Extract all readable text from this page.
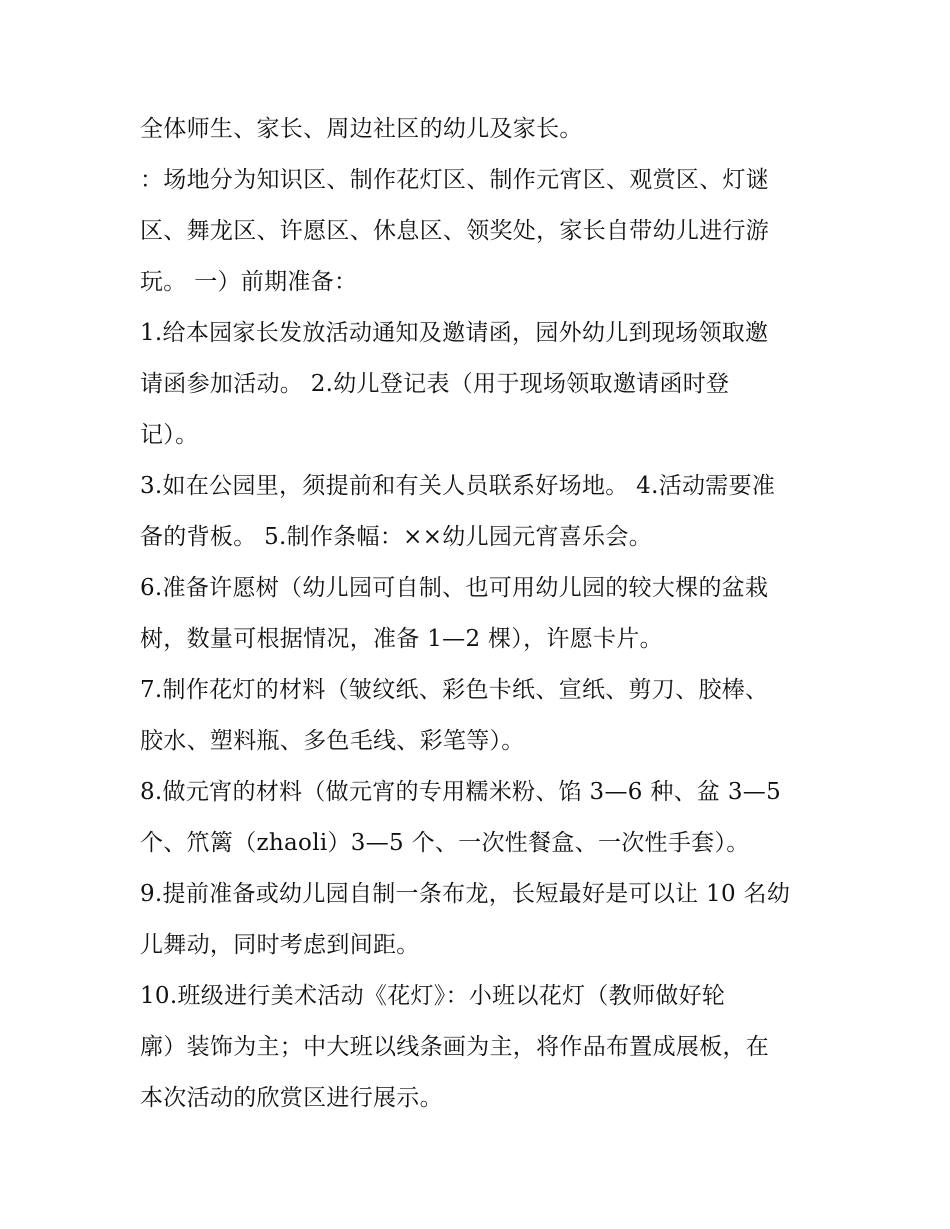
全体师生、家长、周边社区的幼儿及家长。
：场地分为知识区、制作花灯区、制作元宵区、观赏区、灯谜
区、舞龙区、许愿区、休息区、领奖处，家长自带幼儿进行游
玩。 一）前期准备：
1.给本园家长发放活动通知及邀请函，园外幼儿到现场领取邀
请函参加活动。 2.幼儿登记表（用于现场领取邀请函时登
记）。
3.如在公园里，须提前和有关人员联系好场地。 4.活动需要准
备的背板。 5.制作条幅：××幼儿园元宵喜乐会。
6.准备许愿树（幼儿园可自制、也可用幼儿园的较大棵的盆栽
树，数量可根据情况，准备 1—2 棵），许愿卡片。
7.制作花灯的材料（皱纹纸、彩色卡纸、宣纸、剪刀、胶棒、
胶水、塑料瓶、多色毛线、彩笔等）。
8.做元宵的材料（做元宵的专用糯米粉、馅 3—6 种、盆 3—5
个、笊篱（zhaoli）3—5 个、一次性餐盒、一次性手套）。
9.提前准备或幼儿园自制一条布龙，长短最好是可以让 10 名幼
儿舞动，同时考虑到间距。
10.班级进行美术活动《花灯》：小班以花灯（教师做好轮
廓）装饰为主；中大班以线条画为主，将作品布置成展板，在
本次活动的欣赏区进行展示。
